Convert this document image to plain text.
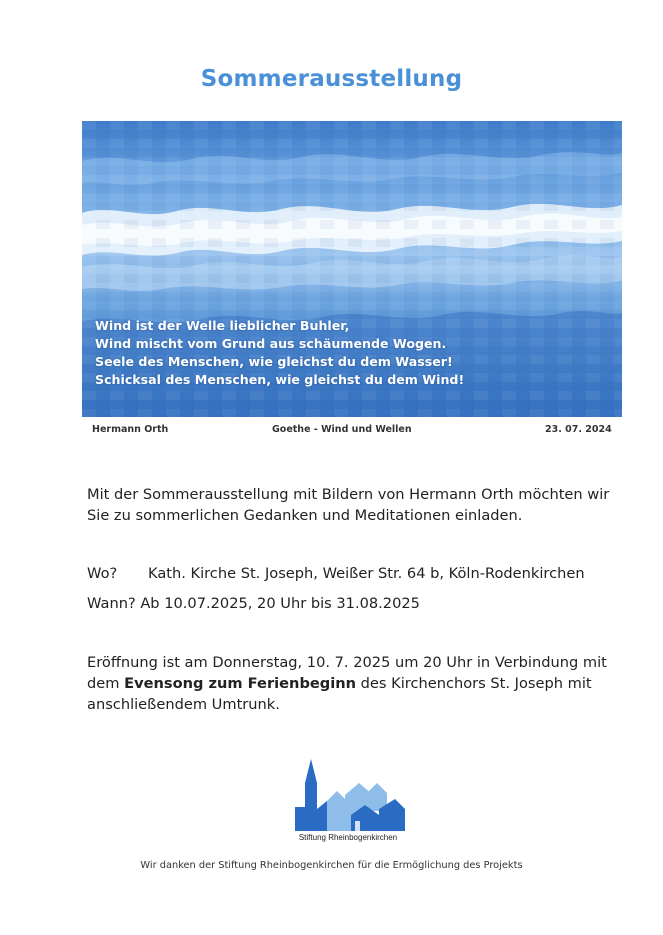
Sommerausstellung
Wind ist der Welle lieblicher Buhler,
Wind mischt vom Grund aus schäumende Wogen.
Seele des Menschen, wie gleichst du dem Wasser!
Schicksal des Menschen, wie gleichst du dem Wind!
Hermann Orth	Goethe - Wind und Wellen	23. 07. 2024
Mit der Sommerausstellung mit Bildern von Hermann Orth möchten wir Sie zu sommerlichen Gedanken und Meditationen einladen.
Wo? Kath. Kirche St. Joseph, Weißer Str. 64 b, Köln-Rodenkirchen
Wann? Ab 10.07.2025, 20 Uhr bis 31.08.2025
Eröffnung ist am Donnerstag, 10. 7. 2025 um 20 Uhr in Verbindung mit dem Evensong zum Ferienbeginn des Kirchenchors St. Joseph mit anschließendem Umtrunk.
Stiftung Rheinbogenkirchen
Wir danken der Stiftung Rheinbogenkirchen für die Ermöglichung des Projekts
